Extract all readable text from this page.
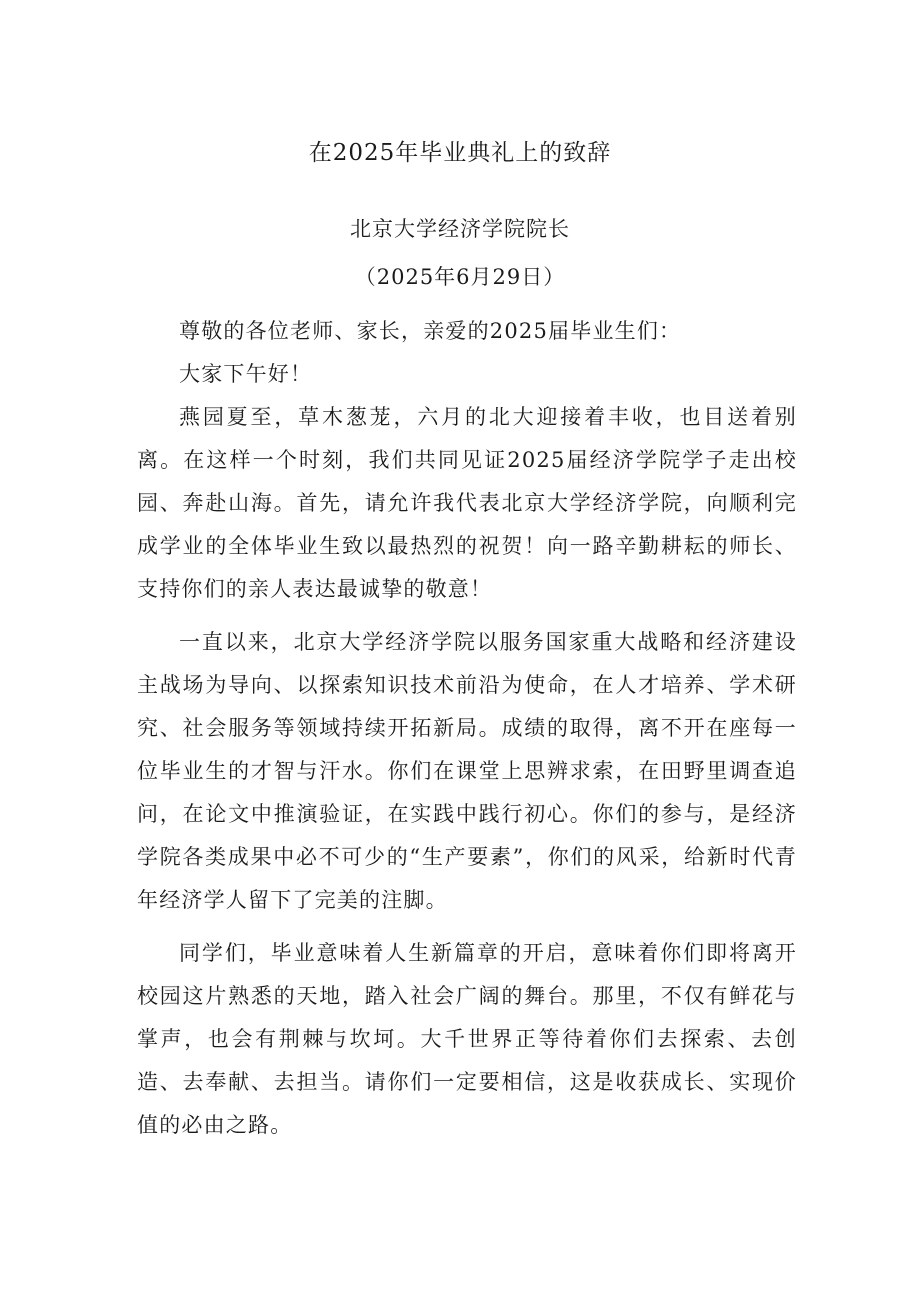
在2025年毕业典礼上的致辞
北京大学经济学院院长
（2025年6月29日）

尊敬的各位老师、家长，亲爱的2025届毕业生们：

大家下午好！

燕园夏至，草木葱茏，六月的北大迎接着丰收，也目送着别离。在这样一个时刻，我们共同见证2025届经济学院学子走出校园、奔赴山海。首先，请允许我代表北京大学经济学院，向顺利完成学业的全体毕业生致以最热烈的祝贺！向一路辛勤耕耘的师长、支持你们的亲人表达最诚挚的敬意！

一直以来，北京大学经济学院以服务国家重大战略和经济建设主战场为导向、以探索知识技术前沿为使命，在人才培养、学术研究、社会服务等领域持续开拓新局。成绩的取得，离不开在座每一位毕业生的才智与汗水。你们在课堂上思辨求索，在田野里调查追问，在论文中推演验证，在实践中践行初心。你们的参与，是经济学院各类成果中必不可少的“生产要素”，你们的风采，给新时代青年经济学人留下了完美的注脚。

同学们，毕业意味着人生新篇章的开启，意味着你们即将离开校园这片熟悉的天地，踏入社会广阔的舞台。那里，不仅有鲜花与掌声，也会有荆棘与坎坷。大千世界正等待着你们去探索、去创造、去奉献、去担当。请你们一定要相信，这是收获成长、实现价值的必由之路。
